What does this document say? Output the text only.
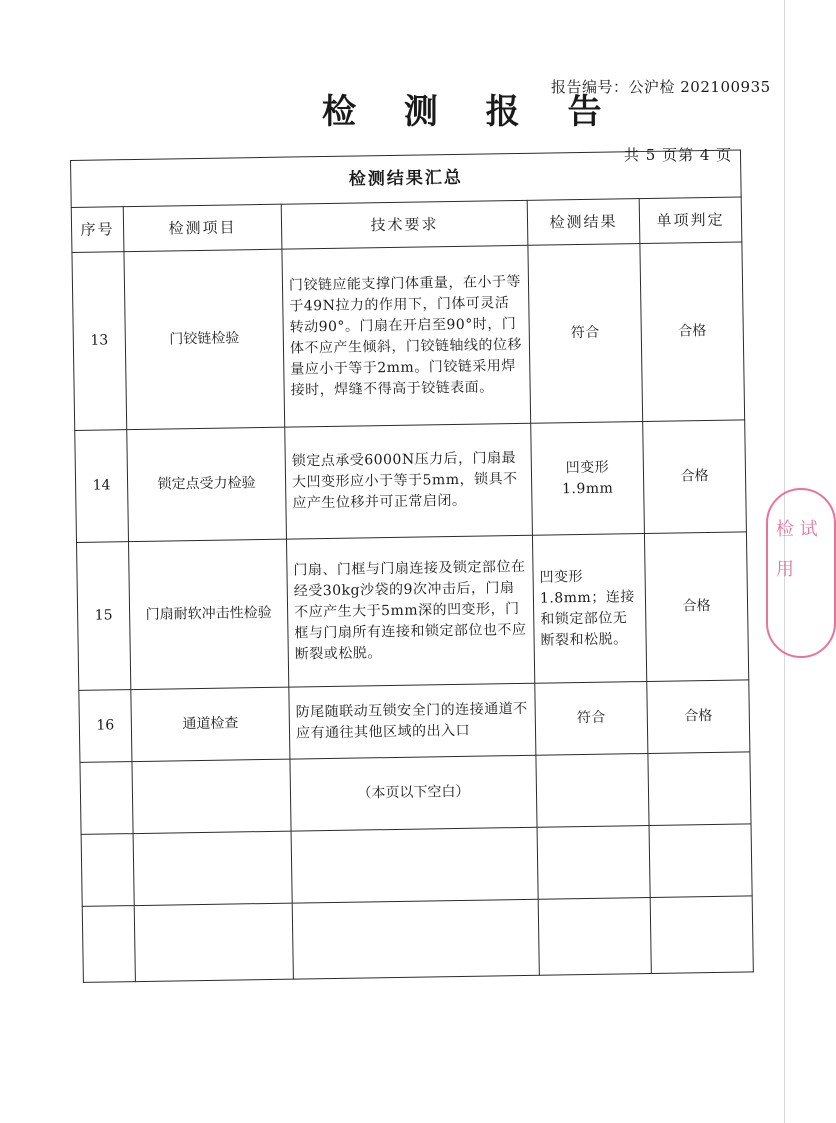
报告编号：公沪检 202100935
检 测 报 告
共 5 页第 4 页
检测结果汇总				
序号	检测项目	技术要求	检测结果	单项判定
13	门铰链检验	门铰链应能支撑门体重量，在小于等于49N拉力的作用下，门体可灵活转动90°。门扇在开启至90°时，门体不应产生倾斜，门铰链轴线的位移量应小于等于2mm。门铰链采用焊接时，焊缝不得高于铰链表面。	符合	合格
14	锁定点受力检验	锁定点承受6000N压力后，门扇最大凹变形应小于等于5mm，锁具不应产生位移并可正常启闭。	凹变形 1.9mm	合格
15	门扇耐软冲击性检验	门扇、门框与门扇连接及锁定部位在经受30kg沙袋的9次冲击后，门扇不应产生大于5mm深的凹变形，门框与门扇所有连接和锁定部位也不应断裂或松脱。	凹变形 1.8mm；连接和锁定部位无断裂和松脱。	合格
16	通道检查	防尾随联动互锁安全门的连接通道不应有通往其他区域的出入口	符合	合格
		（本页以下空白）		

检 试 用
